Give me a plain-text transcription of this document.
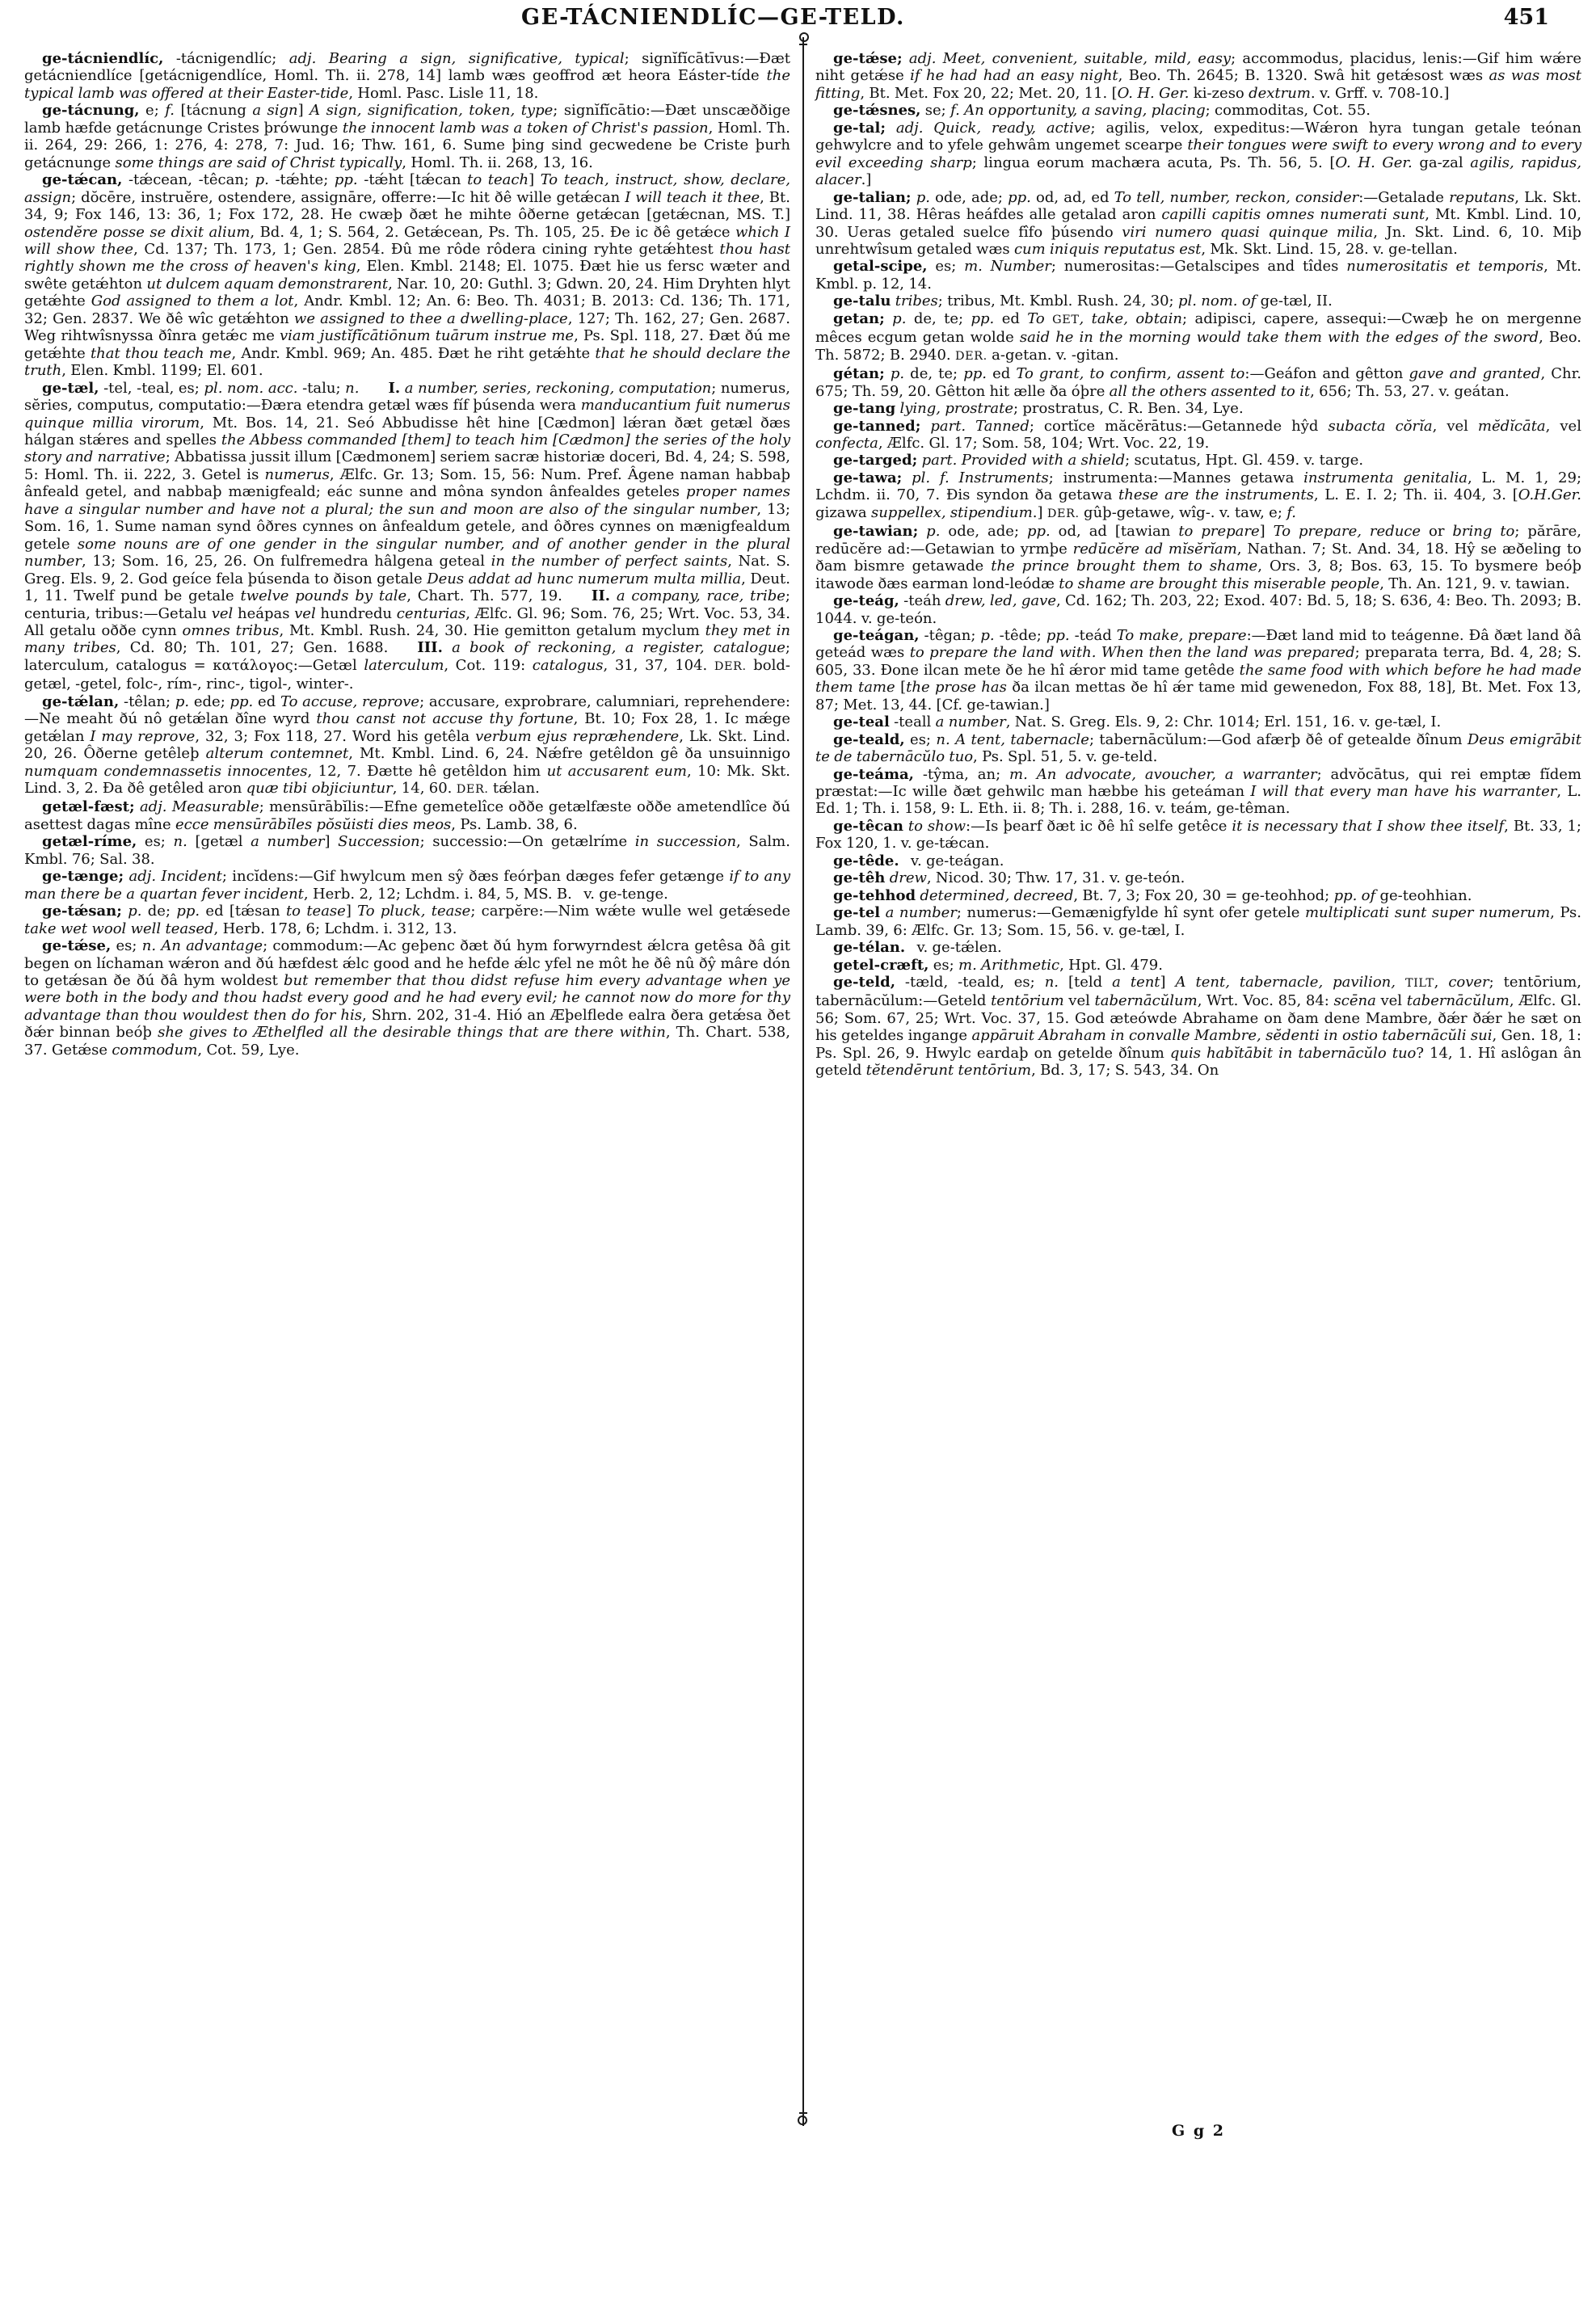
GE-TÁCNIENDLÍC—GE-TELD.	451

ge-tácniendlíc, -tácnigendlíc; adj. Bearing a sign, significative, typical; signĭfĭcātīvus:—Ðæt getácniendlíce [getácnigendlíce, Homl. Th. ii. 278, 14] lamb wæs geoffrod æt heora Eáster-tíde the typical lamb was offered at their Easter-tide, Homl. Pasc. Lisle 11, 18.

ge-tácnung, e; f. [tácnung a sign] A sign, signification, token, type; signĭfĭcātio:—Ðæt unscæððige lamb hæfde getácnunge Cristes þrówunge the innocent lamb was a token of Christ's passion, Homl. Th. ii. 264, 29: 266, 1: 276, 4: 278, 7: Jud. 16; Thw. 161, 6. Sume þing sind gecwedene be Criste þurh getácnunge some things are said of Christ typically, Homl. Th. ii. 268, 13, 16.

ge-tǽcan, -tǽcean, -têcan; p. -tǽhte; pp. -tǽht [tǽcan to teach] To teach, instruct, show, declare, assign; dŏcēre, instruĕre, ostendere, assignāre, offerre:—Ic hit ðê wille getǽcan I will teach it thee, Bt. 34, 9; Fox 146, 13: 36, 1; Fox 172, 28. He cwæþ ðæt he mihte ôðerne getǽcan [getǽcnan, MS. T.] ostendĕre posse se dixit alium, Bd. 4, 1; S. 564, 2. Getǽcean, Ps. Th. 105, 25. Ðe ic ðê getǽce which I will show thee, Cd. 137; Th. 173, 1; Gen. 2854. Ðû me rôde rôdera cining ryhte getǽhtest thou hast rightly shown me the cross of heaven's king, Elen. Kmbl. 2148; El. 1075. Ðæt hie us fersc wæter and swête getǽhton ut dulcem aquam demonstrarent, Nar. 10, 20: Guthl. 3; Gdwn. 20, 24. Him Dryhten hlyt getǽhte God assigned to them a lot, Andr. Kmbl. 12; An. 6: Beo. Th. 4031; B. 2013: Cd. 136; Th. 171, 32; Gen. 2837. We ðê wîc getǽhton we assigned to thee a dwelling-place, 127; Th. 162, 27; Gen. 2687. Weg rihtwîsnyssa ðînra getǽc me viam justĭfĭcātiōnum tuārum instrue me, Ps. Spl. 118, 27. Ðæt ðú me getǽhte that thou teach me, Andr. Kmbl. 969; An. 485. Ðæt he riht getǽhte that he should declare the truth, Elen. Kmbl. 1199; El. 601.

ge-tæl, -tel, -teal, es; pl. nom. acc. -talu; n.   I. a number, series, reckoning, computation; numerus, sĕries, computus, computatio:—Ðæra etendra getæl wæs fíf þúsenda wera manducantium fuit numerus quinque millia virorum, Mt. Bos. 14, 21. Seó Abbudisse hêt hine [Cædmon] lǽran ðæt getæl ðæs hálgan stǽres and spelles the Abbess commanded [them] to teach him [Cædmon] the series of the holy story and narrative; Abbatissa jussit illum [Cædmonem] seriem sacræ historiæ doceri, Bd. 4, 24; S. 598, 5: Homl. Th. ii. 222, 3. Getel is numerus, Ælfc. Gr. 13; Som. 15, 56: Num. Pref. Âgene naman habbaþ ânfeald getel, and nabbaþ mænigfeald; eác sunne and môna syndon ânfealdes geteles proper names have a singular number and have not a plural; the sun and moon are also of the singular number, 13; Som. 16, 1. Sume naman synd ôðres cynnes on ânfealdum getele, and ôðres cynnes on mænigfealdum getele some nouns are of one gender in the singular number, and of another gender in the plural number, 13; Som. 16, 25, 26. On fulfremedra hâlgena geteal in the number of perfect saints, Nat. S. Greg. Els. 9, 2. God geíce fela þúsenda to ðison getale Deus addat ad hunc numerum multa millia, Deut. 1, 11. Twelf pund be getale twelve pounds by tale, Chart. Th. 577, 19.  II. a company, race, tribe; centuria, tribus:—Getalu vel heápas vel hundredu centurias, Ælfc. Gl. 96; Som. 76, 25; Wrt. Voc. 53, 34. All getalu oððe cynn omnes tribus, Mt. Kmbl. Rush. 24, 30. Hie gemitton getalum myclum they met in many tribes, Cd. 80; Th. 101, 27; Gen. 1688.  III. a book of reckoning, a register, catalogue; laterculum, catalogus = κατάλογος:—Getæl laterculum, Cot. 119: catalogus, 31, 37, 104. DER. bold-getæl, -getel, folc-, rím-, rinc-, tigol-, winter-.

ge-tǽlan, -têlan; p. ede; pp. ed To accuse, reprove; accusare, exprobrare, calumniari, reprehendere:—Ne meaht ðú nô getǽlan ðîne wyrd thou canst not accuse thy fortune, Bt. 10; Fox 28, 1. Ic mǽge getǽlan I may reprove, 32, 3; Fox 118, 27. Word his getêla verbum ejus repræhendere, Lk. Skt. Lind. 20, 26. Ôðerne getêleþ alterum contemnet, Mt. Kmbl. Lind. 6, 24. Nǽfre getêldon gê ða unsuinnigo numquam condemnassetis innocentes, 12, 7. Ðætte hê getêldon him ut accusarent eum, 10: Mk. Skt. Lind. 3, 2. Ða ðê getêled aron quæ tibi objiciuntur, 14, 60. DER. tǽlan.

getæl-fæst; adj. Measurable; mensūrābĭlis:—Efne gemetelîce oððe getælfæste oððe ametendlîce ðú asettest dagas mîne ecce mensūrābĭles pŏsŭisti dies meos, Ps. Lamb. 38, 6.

getæl-ríme, es; n. [getæl a number] Succession; successio:—On getælríme in succession, Salm. Kmbl. 76; Sal. 38.

ge-tænge; adj. Incident; incĭdens:—Gif hwylcum men sŷ ðæs feórþan dæges fefer getænge if to any man there be a quartan fever incident, Herb. 2, 12; Lchdm. i. 84, 5, MS. B.  v. ge-tenge.

ge-tǽsan; p. de; pp. ed [tǽsan to tease] To pluck, tease; carpĕre:—Nim wǽte wulle wel getǽsede take wet wool well teased, Herb. 178, 6; Lchdm. i. 312, 13.

ge-tǽse, es; n. An advantage; commodum:—Ac geþenc ðæt ðú hym forwyrndest ǽlcra getêsa ðâ git begen on líchaman wǽron and ðú hæfdest ǽlc good and he hefde ǽlc yfel ne môt he ðê nû ðŷ mâre dón to getǽsan ðe ðú ðâ hym woldest but remember that thou didst refuse him every advantage when ye were both in the body and thou hadst every good and he had every evil; he cannot now do more for thy advantage than thou wouldest then do for his, Shrn. 202, 31-4. Hió an Æþelflede ealra ðera getǽsa ðet ðǽr binnan beóþ she gives to Æthelfled all the desirable things that are there within, Th. Chart. 538, 37. Getǽse commodum, Cot. 59, Lye.

ge-tǽse; adj. Meet, convenient, suitable, mild, easy; accommodus, placidus, lenis:—Gif him wǽre niht getǽse if he had had an easy night, Beo. Th. 2645; B. 1320. Swâ hit getǽsost wæs as was most fitting, Bt. Met. Fox 20, 22; Met. 20, 11. [O. H. Ger. ki-zeso dextrum. v. Grff. v. 708-10.]

ge-tǽsnes, se; f. An opportunity, a saving, placing; commoditas, Cot. 55.

ge-tal; adj. Quick, ready, active; agilis, velox, expeditus:—Wǽron hyra tungan getale teónan gehwylcre and to yfele gehwâm ungemet scearpe their tongues were swift to every wrong and to every evil exceeding sharp; lingua eorum machæra acuta, Ps. Th. 56, 5. [O. H. Ger. ga-zal agilis, rapidus, alacer.]

ge-talian; p. ode, ade; pp. od, ad, ed To tell, number, reckon, consider:—Getalade reputans, Lk. Skt. Lind. 11, 38. Hêras heáfdes alle getalad aron capilli capitis omnes numerati sunt, Mt. Kmbl. Lind. 10, 30. Ueras getaled suelce fîfo þúsendo viri numero quasi quinque milia, Jn. Skt. Lind. 6, 10. Miþ unrehtwîsum getaled wæs cum iniquis reputatus est, Mk. Skt. Lind. 15, 28. v. ge-tellan.

getal-scipe, es; m. Number; numerositas:—Getalscipes and tîdes numerositatis et temporis, Mt. Kmbl. p. 12, 14.

ge-talu tribes; tribus, Mt. Kmbl. Rush. 24, 30; pl. nom. of ge-tæl, II.

getan; p. de, te; pp. ed To GET, take, obtain; adipisci, capere, assequi:—Cwæþ he on mergenne mêces ecgum getan wolde said he in the morning would take them with the edges of the sword, Beo. Th. 5872; B. 2940. DER. a-getan. v. -gitan.

gétan; p. de, te; pp. ed To grant, to confirm, assent to:—Geáfon and gêtton gave and granted, Chr. 675; Th. 59, 20. Gêtton hit ælle ða óþre all the others assented to it, 656; Th. 53, 27. v. geátan.

ge-tang lying, prostrate; prostratus, C. R. Ben. 34, Lye.

ge-tanned; part. Tanned; cortĭce măcĕrātus:—Getannede hŷd subacta cŏrĭa, vel mĕdĭcāta, vel confecta, Ælfc. Gl. 17; Som. 58, 104; Wrt. Voc. 22, 19.

ge-targed; part. Provided with a shield; scutatus, Hpt. Gl. 459. v. targe.

ge-tawa; pl. f. Instruments; instrumenta:—Mannes getawa instrumenta genitalia, L. M. 1, 29; Lchdm. ii. 70, 7. Ðis syndon ða getawa these are the instruments, L. E. I. 2; Th. ii. 404, 3. [O.H.Ger. gizawa suppellex, stipendium.] DER. gûþ-getawe, wîg-. v. taw, e; f.

ge-tawian; p. ode, ade; pp. od, ad [tawian to prepare] To prepare, reduce or bring to; părāre, redūcĕre ad:—Getawian to yrmþe redūcĕre ad mĭsĕrĭam, Nathan. 7; St. And. 34, 18. Hŷ se æðeling to ðam bismre getawade the prince brought them to shame, Ors. 3, 8; Bos. 63, 15. To bysmere beóþ itawode ðæs earman lond-leódæ to shame are brought this miserable people, Th. An. 121, 9. v. tawian.

ge-teág, -teáh drew, led, gave, Cd. 162; Th. 203, 22; Exod. 407: Bd. 5, 18; S. 636, 4: Beo. Th. 2093; B. 1044. v. ge-teón.

ge-teágan, -têgan; p. -têde; pp. -teád To make, prepare:—Ðæt land mid to teágenne. Ðâ ðæt land ðâ geteád wæs to prepare the land with. When then the land was prepared; preparata terra, Bd. 4, 28; S. 605, 33. Ðone ilcan mete ðe he hî ǽror mid tame getêde the same food with which before he had made them tame [the prose has ða ilcan mettas ðe hî ǽr tame mid gewenedon, Fox 88, 18], Bt. Met. Fox 13, 87; Met. 13, 44. [Cf. ge-tawian.]

ge-teal -teall a number, Nat. S. Greg. Els. 9, 2: Chr. 1014; Erl. 151, 16. v. ge-tæl, I.

ge-teald, es; n. A tent, tabernacle; tabernācŭlum:—God afærþ ðê of getealde ðînum Deus emigrābit te de tabernācŭlo tuo, Ps. Spl. 51, 5. v. ge-teld.

ge-teáma, -tŷma, an; m. An advocate, avoucher, a warranter; advŏcātus, qui rei emptæ fĭdem præstat:—Ic wille ðæt gehwilc man hæbbe his geteáman I will that every man have his warranter, L. Ed. 1; Th. i. 158, 9: L. Eth. ii. 8; Th. i. 288, 16. v. teám, ge-têman.

ge-têcan to show:—Is þearf ðæt ic ðê hî selfe getêce it is necessary that I show thee itself, Bt. 33, 1; Fox 120, 1. v. ge-tǽcan.

ge-têde.  v. ge-teágan.

ge-têh drew, Nicod. 30; Thw. 17, 31. v. ge-teón.

ge-tehhod determined, decreed, Bt. 7, 3; Fox 20, 30 = ge-teohhod; pp. of ge-teohhian.

ge-tel a number; numerus:—Gemænigfylde hî synt ofer getele multiplicati sunt super numerum, Ps. Lamb. 39, 6: Ælfc. Gr. 13; Som. 15, 56. v. ge-tæl, I.

ge-télan.  v. ge-tǽlen.

getel-cræft, es; m. Arithmetic, Hpt. Gl. 479.

ge-teld, -tæld, -teald, es; n. [teld a tent] A tent, tabernacle, pavilion, TILT, cover; tentōrium, tabernācŭlum:—Geteld tentōrium vel tabernācŭlum, Wrt. Voc. 85, 84: scēna vel tabernācŭlum, Ælfc. Gl. 56; Som. 67, 25; Wrt. Voc. 37, 15. God æteówde Abrahame on ðam dene Mambre, ðǽr ðǽr he sæt on his geteldes ingange appāruit Abraham in convalle Mambre, sĕdenti in ostio tabernācŭli sui, Gen. 18, 1: Ps. Spl. 26, 9. Hwylc eardaþ on getelde ðînum quis habĭtābit in tabernācŭlo tuo? 14, 1. Hî aslôgan ân geteld tĕtendērunt tentōrium, Bd. 3, 17; S. 543, 34. On

G g 2
